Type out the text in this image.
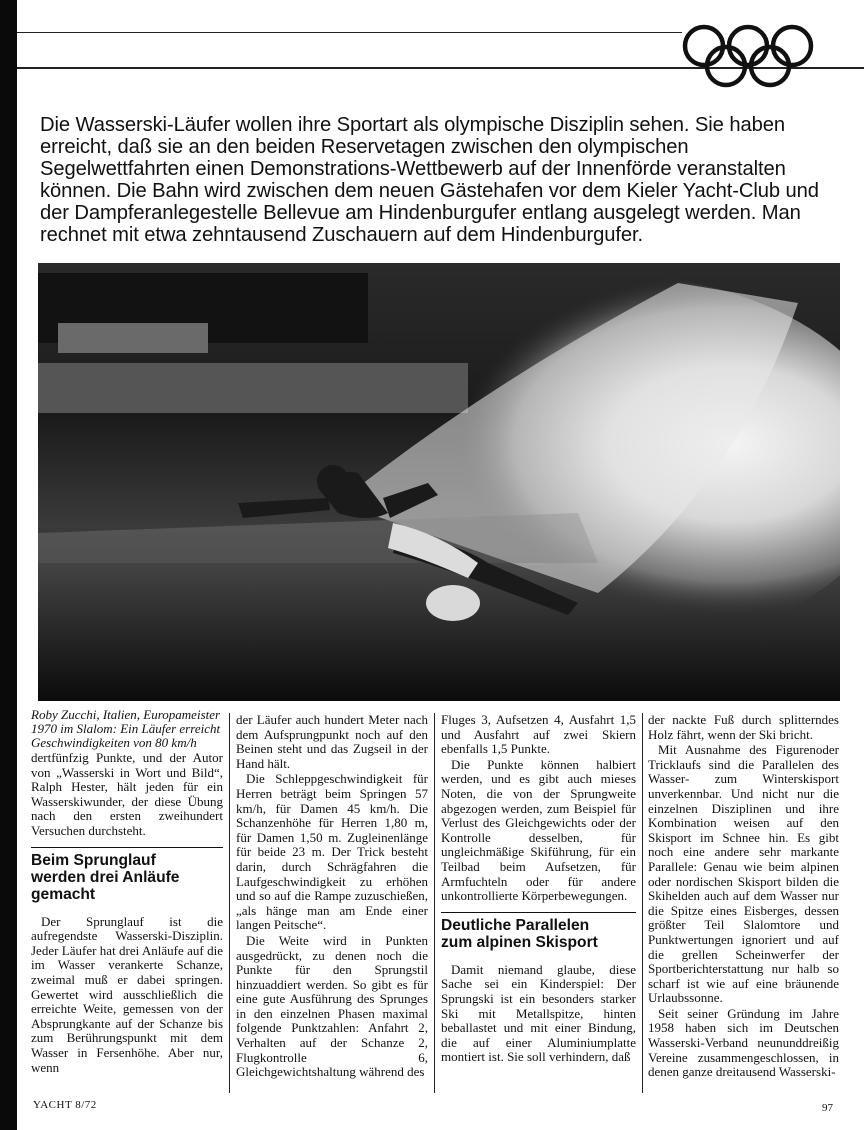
Die Wasserski-Läufer wollen ihre Sportart als olympische Disziplin sehen. Sie haben erreicht, daß sie an den beiden Reservetagen zwischen den olympischen Segelwettfahrten einen Demonstrations-Wettbewerb auf der Innenförde veranstalten können. Die Bahn wird zwischen dem neuen Gästehafen vor dem Kieler Yacht-Club und der Dampferanlegestelle Bellevue am Hindenburgufer entlang ausgelegt werden. Man rechnet mit etwa zehntausend Zuschauern auf dem Hindenburgufer.

Roby Zucchi, Italien, Europameister 1970 im Slalom: Ein Läufer erreicht Geschwindigkeiten von 80 km/h

dertfünfzig Punkte, und der Autor von „Wasserski in Wort und Bild“, Ralph Hester, hält jeden für ein Wasserskiwunder, der diese Übung nach den ersten zweihundert Versuchen durchsteht.

Beim Sprunglauf
werden drei Anläufe
gemacht

Der Sprunglauf ist die aufregendste Wasserski-Disziplin. Jeder Läufer hat drei Anläufe auf die im Wasser verankerte Schanze, zweimal muß er dabei springen. Gewertet wird ausschließlich die erreichte Weite, gemessen von der Absprungkante auf der Schanze bis zum Berührungspunkt mit dem Wasser in Fersenhöhe. Aber nur, wenn

der Läufer auch hundert Meter nach dem Aufsprungpunkt noch auf den Beinen steht und das Zugseil in der Hand hält.

Die Schleppgeschwindigkeit für Herren beträgt beim Springen 57 km/h, für Damen 45 km/h. Die Schanzenhöhe für Herren 1,80 m, für Damen 1,50 m. Zugleinenlänge für beide 23 m. Der Trick besteht darin, durch Schrägfahren die Laufgeschwindigkeit zu erhöhen und so auf die Rampe zuzuschießen, „als hänge man am Ende einer langen Peitsche“.

Die Weite wird in Punkten ausgedrückt, zu denen noch die Punkte für den Sprungstil hinzuaddiert werden. So gibt es für eine gute Ausführung des Sprunges in den einzelnen Phasen maximal folgende Punktzahlen: Anfahrt 2, Verhalten auf der Schanze 2, Flugkontrolle 6, Gleichgewichtshaltung während des

Fluges 3, Aufsetzen 4, Ausfahrt 1,5 und Ausfahrt auf zwei Skiern ebenfalls 1,5 Punkte.

Die Punkte können halbiert werden, und es gibt auch mieses Noten, die von der Sprungweite abgezogen werden, zum Beispiel für Verlust des Gleichgewichts oder der Kontrolle desselben, für ungleichmäßige Skiführung, für ein Teilbad beim Aufsetzen, für Armfuchteln oder für andere unkontrollierte Körperbewegungen.

Deutliche Parallelen
zum alpinen Skisport

Damit niemand glaube, diese Sache sei ein Kinderspiel: Der Sprungski ist ein besonders starker Ski mit Metallspitze, hinten beballastet und mit einer Bindung, die auf einer Aluminiumplatte montiert ist. Sie soll verhindern, daß

der nackte Fuß durch splitterndes Holz fährt, wenn der Ski bricht.

Mit Ausnahme des Figurenoder Tricklaufs sind die Parallelen des Wasser- zum Winterskisport unverkennbar. Und nicht nur die einzelnen Disziplinen und ihre Kombination weisen auf den Skisport im Schnee hin. Es gibt noch eine andere sehr markante Parallele: Genau wie beim alpinen oder nordischen Skisport bilden die Skihelden auch auf dem Wasser nur die Spitze eines Eisberges, dessen größter Teil Slalomtore und Punktwertungen ignoriert und auf die grellen Scheinwerfer der Sportberichterstattung nur halb so scharf ist wie auf eine bräunende Urlaubssonne.

Seit seiner Gründung im Jahre 1958 haben sich im Deutschen Wasserski-Verband neununddreißig Vereine zusammengeschlossen, in denen ganze dreitausend Wasserski-

YACHT 8/72	97
